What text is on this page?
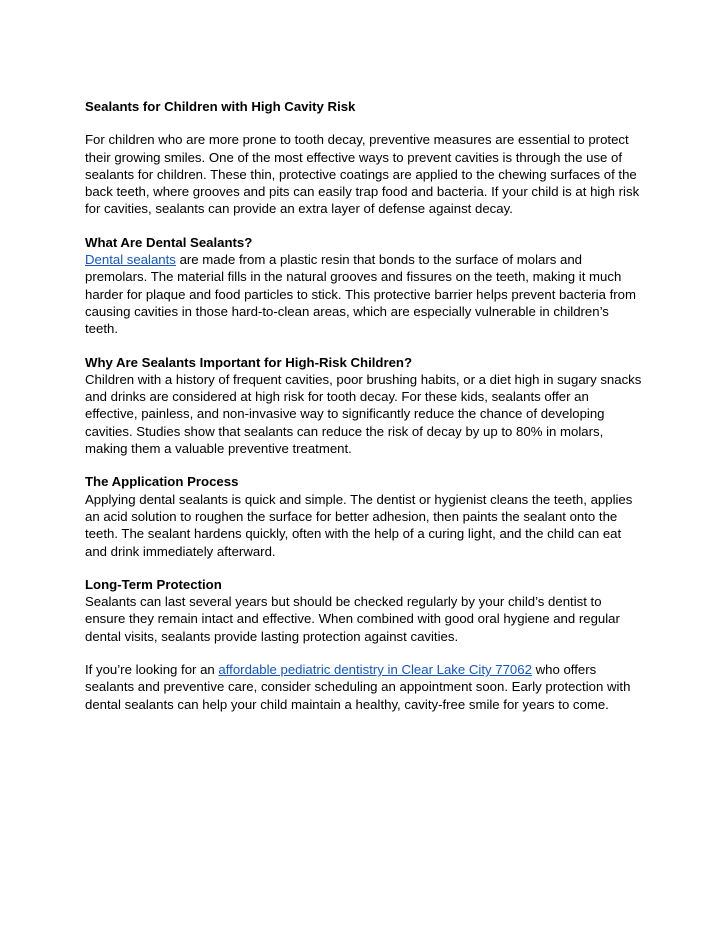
Sealants for Children with High Cavity Risk

For children who are more prone to tooth decay, preventive measures are essential to protect their growing smiles. One of the most effective ways to prevent cavities is through the use of sealants for children. These thin, protective coatings are applied to the chewing surfaces of the back teeth, where grooves and pits can easily trap food and bacteria. If your child is at high risk for cavities, sealants can provide an extra layer of defense against decay.

What Are Dental Sealants?

Dental sealants are made from a plastic resin that bonds to the surface of molars and premolars. The material fills in the natural grooves and fissures on the teeth, making it much harder for plaque and food particles to stick. This protective barrier helps prevent bacteria from causing cavities in those hard-to-clean areas, which are especially vulnerable in children’s teeth.

Why Are Sealants Important for High-Risk Children?

Children with a history of frequent cavities, poor brushing habits, or a diet high in sugary snacks and drinks are considered at high risk for tooth decay. For these kids, sealants offer an effective, painless, and non-invasive way to significantly reduce the chance of developing cavities. Studies show that sealants can reduce the risk of decay by up to 80% in molars, making them a valuable preventive treatment.

The Application Process

Applying dental sealants is quick and simple. The dentist or hygienist cleans the teeth, applies an acid solution to roughen the surface for better adhesion, then paints the sealant onto the teeth. The sealant hardens quickly, often with the help of a curing light, and the child can eat and drink immediately afterward.

Long-Term Protection

Sealants can last several years but should be checked regularly by your child’s dentist to ensure they remain intact and effective. When combined with good oral hygiene and regular dental visits, sealants provide lasting protection against cavities.

If you’re looking for an affordable pediatric dentistry in Clear Lake City 77062 who offers sealants and preventive care, consider scheduling an appointment soon. Early protection with dental sealants can help your child maintain a healthy, cavity-free smile for years to come.
